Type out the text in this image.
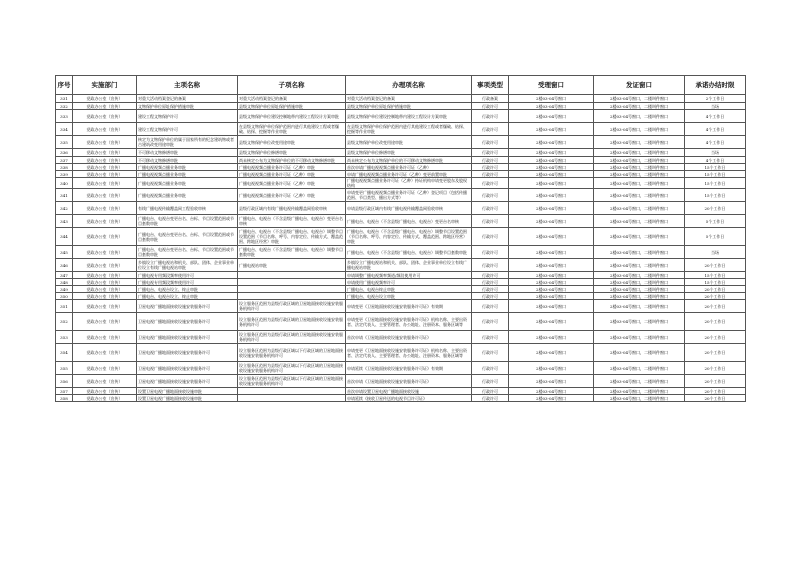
序号	实施部门	主项名称	子项名称	办理项名称	事项类型	受理窗口	发证窗口	承诺办结时限
331	党政办公室（宣传）	对重大活动档案登记的备案	对重大活动档案登记的备案	对重大活动档案登记的备案	行政备案	2楼03-04号窗口	2楼03-04号窗口，二楼叫件窗口	2个工作日
332	党政办公室（宣传）	文物保护单位原址保护措施审批	县级文物保护单位原址保护措施审批	县级文物保护单位原址保护措施审批	行政许可	2楼03-04号窗口	2楼03-04号窗口，二楼叫件窗口	当场
333	党政办公室（宣传）	建设工程文物保护许可	县级文物保护单位建设控制地带内建设工程设计方案审批	县级文物保护单位建设控制地带内建设工程设计方案审批	行政许可	2楼03-04号窗口	2楼03-04号窗口，二楼叫件窗口	4个工作日
334	党政办公室（宣传）	建设工程文物保护许可	在县级文物保护单位保护范围内进行其他建设工程或者爆破、钻探、挖掘等作业审批	在县级文物保护单位保护范围内进行其他建设工程或者爆破、钻探、挖掘等作业审批	行政许可	2楼03-04号窗口	2楼03-04号窗口，二楼叫件窗口	4个工作日
335	党政办公室（宣传）	核定为文物保护单位的属于国家所有的纪念建筑物或者古建筑改变用途审批	县级文物保护单位改变用途审批	县级文物保护单位改变用途审批	行政许可	2楼03-04号窗口	2楼03-04号窗口，二楼叫件窗口	4个工作日
336	党政办公室（宣传）	不可移动文物修缮审批	县级文物保护单位修缮审批	县级文物保护单位修缮审批	行政许可	2楼03-04号窗口	2楼03-04号窗口，二楼叫件窗口	当场
337	党政办公室（宣传）	不可移动文物修缮审批	尚未核定公布为文物保护单位的不可移动文物修缮审批	尚未核定公布为文物保护单位的不可移动文物修缮审批	行政许可	2楼03-04号窗口	2楼03-04号窗口，二楼叫件窗口	4个工作日
338	党政办公室（宣传）	广播电视视频点播业务审批	广播电视视频点播业务许可证（乙种）审批	首次申请广播电视视频点播业务许可证（乙种）	行政许可	2楼03-04号窗口	2楼03-04号窗口，二楼叫件窗口	15个工作日
339	党政办公室（宣传）	广播电视视频点播业务审批	广播电视视频点播业务许可证（乙种）审批	申请广播电视视频点播业务许可证（乙种）变更前置审批	行政许可	2楼03-04号窗口	2楼03-04号窗口，二楼叫件窗口	15个工作日
340	党政办公室（宣传）	广播电视视频点播业务审批	广播电视视频点播业务许可证（乙种）审批	广播电视视频点播业务许可证（乙种）持证机构申请变更股东及股权结构	行政许可	2楼03-04号窗口	2楼03-04号窗口，二楼叫件窗口	15个工作日
341	党政办公室（宣传）	广播电视视频点播业务审批	广播电视视频点播业务许可证（乙种）审批	申请变更广播电视视频点播业务许可证（乙种）登记项目（包括传播范围、节目类型、播出方式等）	行政许可	2楼03-04号窗口	2楼03-04号窗口，二楼叫件窗口	15个工作日
342	党政办公室（宣传）	有线广播电视传输覆盖网工程验收审核	县级行政区域内有线广播电视传输覆盖网验收审核	申请县级行政区域内有线广播电视传输覆盖网验收审核	行政许可	2楼03-04号窗口	2楼03-04号窗口，二楼叫件窗口	20个工作日
343	党政办公室（宣传）	广播电台、电视台变更台名、台标、节目设置范围或节目套数审批	广播电台、电视台（不含县级广播电台、电视台）变更台名审核	广播电台、电视台（不含县级广播电台、电视台）变更台名审核	行政许可	2楼03-04号窗口	2楼03-04号窗口，二楼叫件窗口	5个工作日
344	党政办公室（宣传）	广播电台、电视台变更台名、台标、节目设置范围或节目套数审批	广播电台、电视台（不含县级广播电台、电视台）调整节目设置范围（节目名称、呼号、内容定位、传输方式、覆盖范围、跨地区经营）审批	广播电台、电视台（不含县级广播电台、电视台）调整节目设置范围（节目名称、呼号、内容定位、传输方式、覆盖范围、跨地区经营）审批	行政许可	2楼03-04号窗口	2楼03-04号窗口，二楼叫件窗口	5个工作日
345	党政办公室（宣传）	广播电台、电视台变更台名、台标、节目设置范围或节目套数审批	广播电台、电视台（不含县级广播电台、电视台）调整节目套数审批	广播电台、电视台（不含县级广播电台、电视台）调整节目套数审批	行政许可	2楼03-04号窗口	2楼03-04号窗口，二楼叫件窗口	当场
346	党政办公室（宣传）	乡镇设立广播电视站和机关、部队、团体、企业事业单位设立有线广播电视站审批	广播电视站审批	乡镇设立广播电视站和机关、部队、团体、企业事业单位设立有线广播电视站审批	行政许可	2楼03-04号窗口	2楼03-04号窗口，二楼叫件窗口	20个工作日
347	党政办公室（宣传）	广播电视专用频段频率使用许可		申请调整广播电视频率频道/频段使用许可	行政许可	2楼03-04号窗口	2楼03-04号窗口，二楼叫件窗口	15个工作日
348	党政办公室（宣传）	广播电视专用频段频率使用许可		申请使用广播电视频率许可	行政许可	2楼03-04号窗口	2楼03-04号窗口，二楼叫件窗口	15个工作日
349	党政办公室（宣传）	广播电台、电视台设立、终止审批		广播电台、电视台终止审批	行政许可	2楼03-04号窗口	2楼03-04号窗口，二楼叫件窗口	20个工作日
350	党政办公室（宣传）	广播电台、电视台设立、终止审批		广播电台、电视台设立审批	行政许可	2楼03-04号窗口	2楼03-04号窗口，二楼叫件窗口	20个工作日
351	党政办公室（宣传）	卫星电视广播地面接收设施安装服务许可	设立服务区范围为县级行政区域的卫星地面接收设施安装服务机构许可	申请变更《卫星地面接收设施安装服务许可证》有效期	行政许可	2楼03-04号窗口	2楼03-04号窗口，二楼叫件窗口	20个工作日
352	党政办公室（宣传）	卫星电视广播地面接收设施安装服务许可	设立服务区范围为县级行政区域的卫星地面接收设施安装服务机构许可	申请变更《卫星地面接收设施安装服务许可证》机构名称、主要出资者、法定代表人、主要管理者、办公地址、注册资本、服务区域等	行政许可	2楼03-04号窗口	2楼03-04号窗口，二楼叫件窗口	20个工作日
353	党政办公室（宣传）	卫星电视广播地面接收设施安装服务许可	设立服务区范围为县级行政区域的卫星地面接收设施安装服务机构许可	首次申请《卫星地面接收设施安装服务许可证》	行政许可	2楼03-04号窗口	2楼03-04号窗口，二楼叫件窗口	20个工作日
354	党政办公室（宣传）	卫星电视广播地面接收设施安装服务许可	设立服务区范围为县级行政区域以下行政区域的卫星地面接收设施安装服务机构许可	申请变更《卫星地面接收设施安装服务许可证》机构名称、主要出资者、法定代表人、主要管理者、办公地址、注册资本、服务区域等	行政许可	2楼03-04号窗口	2楼03-04号窗口，二楼叫件窗口	20个工作日
355	党政办公室（宣传）	卫星电视广播地面接收设施安装服务许可	设立服务区范围为县级行政区域以下行政区域的卫星地面接收设施安装服务机构许可	申请延续《卫星地面接收设施安装服务许可证》有效期	行政许可	2楼03-04号窗口	2楼03-04号窗口，二楼叫件窗口	20个工作日
356	党政办公室（宣传）	卫星电视广播地面接收设施安装服务许可	设立服务区范围为县级行政区域以下行政区域的卫星地面接收设施安装服务机构许可	首次申请《卫星地面接收设施安装服务许可证》	行政许可	2楼03-04号窗口	2楼03-04号窗口，二楼叫件窗口	20个工作日
357	党政办公室（宣传）	设置卫星电视广播地面接收设施审批		首次申请设置卫星电视广播地面接收设施	行政许可	2楼03-04号窗口	2楼03-04号窗口，二楼叫件窗口	20个工作日
358	党政办公室（宣传）	设置卫星电视广播地面接收设施审批		申请延续《接收卫星传送的电视节目许可证》	行政许可	2楼03-04号窗口	2楼03-04号窗口，二楼叫件窗口	20个工作日
